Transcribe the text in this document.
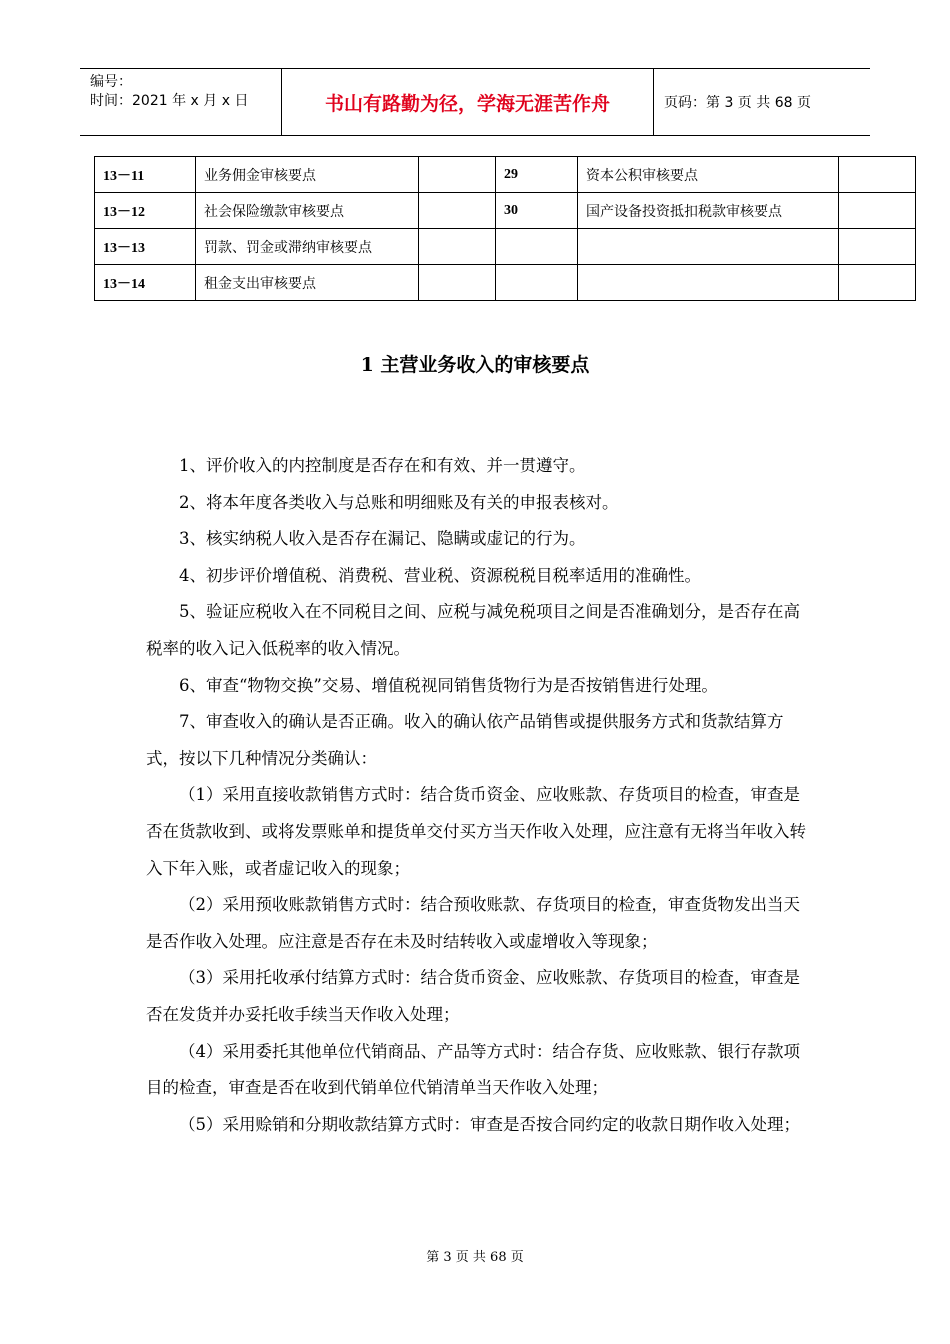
编号：
时间：2021 年 x 月 x 日	书山有路勤为径，学海无涯苦作舟	页码：第 3 页 共 68 页
13－11	业务佣金审核要点		29	资本公积审核要点	
13－12	社会保险缴款审核要点		30	国产设备投资抵扣税款审核要点	
13－13	罚款、罚金或滞纳审核要点				
13－14	租金支出审核要点				
1 主营业务收入的审核要点

1、评价收入的内控制度是否存在和有效、并一贯遵守。

2、将本年度各类收入与总账和明细账及有关的申报表核对。

3、核实纳税人收入是否存在漏记、隐瞒或虚记的行为。

4、初步评价增值税、消费税、营业税、资源税税目税率适用的准确性。

5、验证应税收入在不同税目之间、应税与减免税项目之间是否准确划分，是否存在高税率的收入记入低税率的收入情况。

6、审查“物物交换”交易、增值税视同销售货物行为是否按销售进行处理。

7、审查收入的确认是否正确。收入的确认依产品销售或提供服务方式和货款结算方式，按以下几种情况分类确认：

（1）采用直接收款销售方式时：结合货币资金、应收账款、存货项目的检查，审查是否在货款收到、或将发票账单和提货单交付买方当天作收入处理，应注意有无将当年收入转入下年入账，或者虚记收入的现象；

（2）采用预收账款销售方式时：结合预收账款、存货项目的检查，审查货物发出当天是否作收入处理。应注意是否存在未及时结转收入或虚增收入等现象；

（3）采用托收承付结算方式时：结合货币资金、应收账款、存货项目的检查，审查是否在发货并办妥托收手续当天作收入处理；

（4）采用委托其他单位代销商品、产品等方式时：结合存货、应收账款、银行存款项目的检查，审查是否在收到代销单位代销清单当天作收入处理；

（5）采用赊销和分期收款结算方式时：审查是否按合同约定的收款日期作收入处理；

第 3 页 共 68 页
